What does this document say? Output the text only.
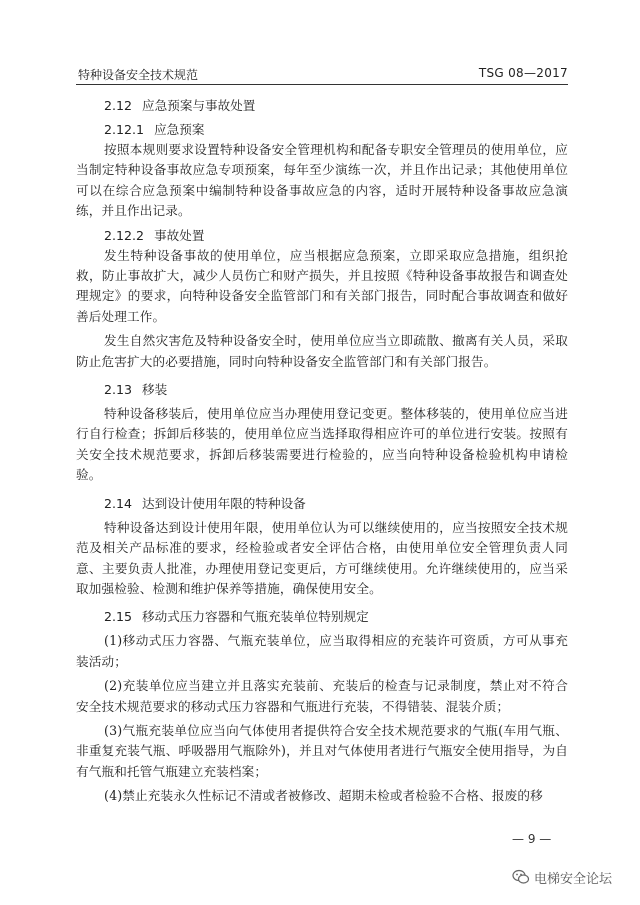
特种设备安全技术规范	TSG 08—2017

2.12 应急预案与事故处置

2.12.1 应急预案

按照本规则要求设置特种设备安全管理机构和配备专职安全管理员的使用单位，应当制定特种设备事故应急专项预案，每年至少演练一次，并且作出记录；其他使用单位可以在综合应急预案中编制特种设备事故应急的内容，适时开展特种设备事故应急演练，并且作出记录。

2.12.2 事故处置

发生特种设备事故的使用单位，应当根据应急预案，立即采取应急措施，组织抢救，防止事故扩大，减少人员伤亡和财产损失，并且按照《特种设备事故报告和调查处理规定》的要求，向特种设备安全监管部门和有关部门报告，同时配合事故调查和做好善后处理工作。

发生自然灾害危及特种设备安全时，使用单位应当立即疏散、撤离有关人员，采取防止危害扩大的必要措施，同时向特种设备安全监管部门和有关部门报告。

2.13 移装

特种设备移装后，使用单位应当办理使用登记变更。整体移装的，使用单位应当进行自行检查；拆卸后移装的，使用单位应当选择取得相应许可的单位进行安装。按照有关安全技术规范要求，拆卸后移装需要进行检验的，应当向特种设备检验机构申请检验。

2.14 达到设计使用年限的特种设备

特种设备达到设计使用年限，使用单位认为可以继续使用的，应当按照安全技术规范及相关产品标准的要求，经检验或者安全评估合格，由使用单位安全管理负责人同意、主要负责人批准，办理使用登记变更后，方可继续使用。允许继续使用的，应当采取加强检验、检测和维护保养等措施，确保使用安全。

2.15 移动式压力容器和气瓶充装单位特别规定

(1)移动式压力容器、气瓶充装单位，应当取得相应的充装许可资质，方可从事充装活动；

(2)充装单位应当建立并且落实充装前、充装后的检查与记录制度，禁止对不符合安全技术规范要求的移动式压力容器和气瓶进行充装，不得错装、混装介质；

(3)气瓶充装单位应当向气体使用者提供符合安全技术规范要求的气瓶(车用气瓶、非重复充装气瓶、呼吸器用气瓶除外)，并且对气体使用者进行气瓶安全使用指导，为自有气瓶和托管气瓶建立充装档案；

(4)禁止充装永久性标记不清或者被修改、超期未检或者检验不合格、报废的移

— 9 —
电梯安全论坛
